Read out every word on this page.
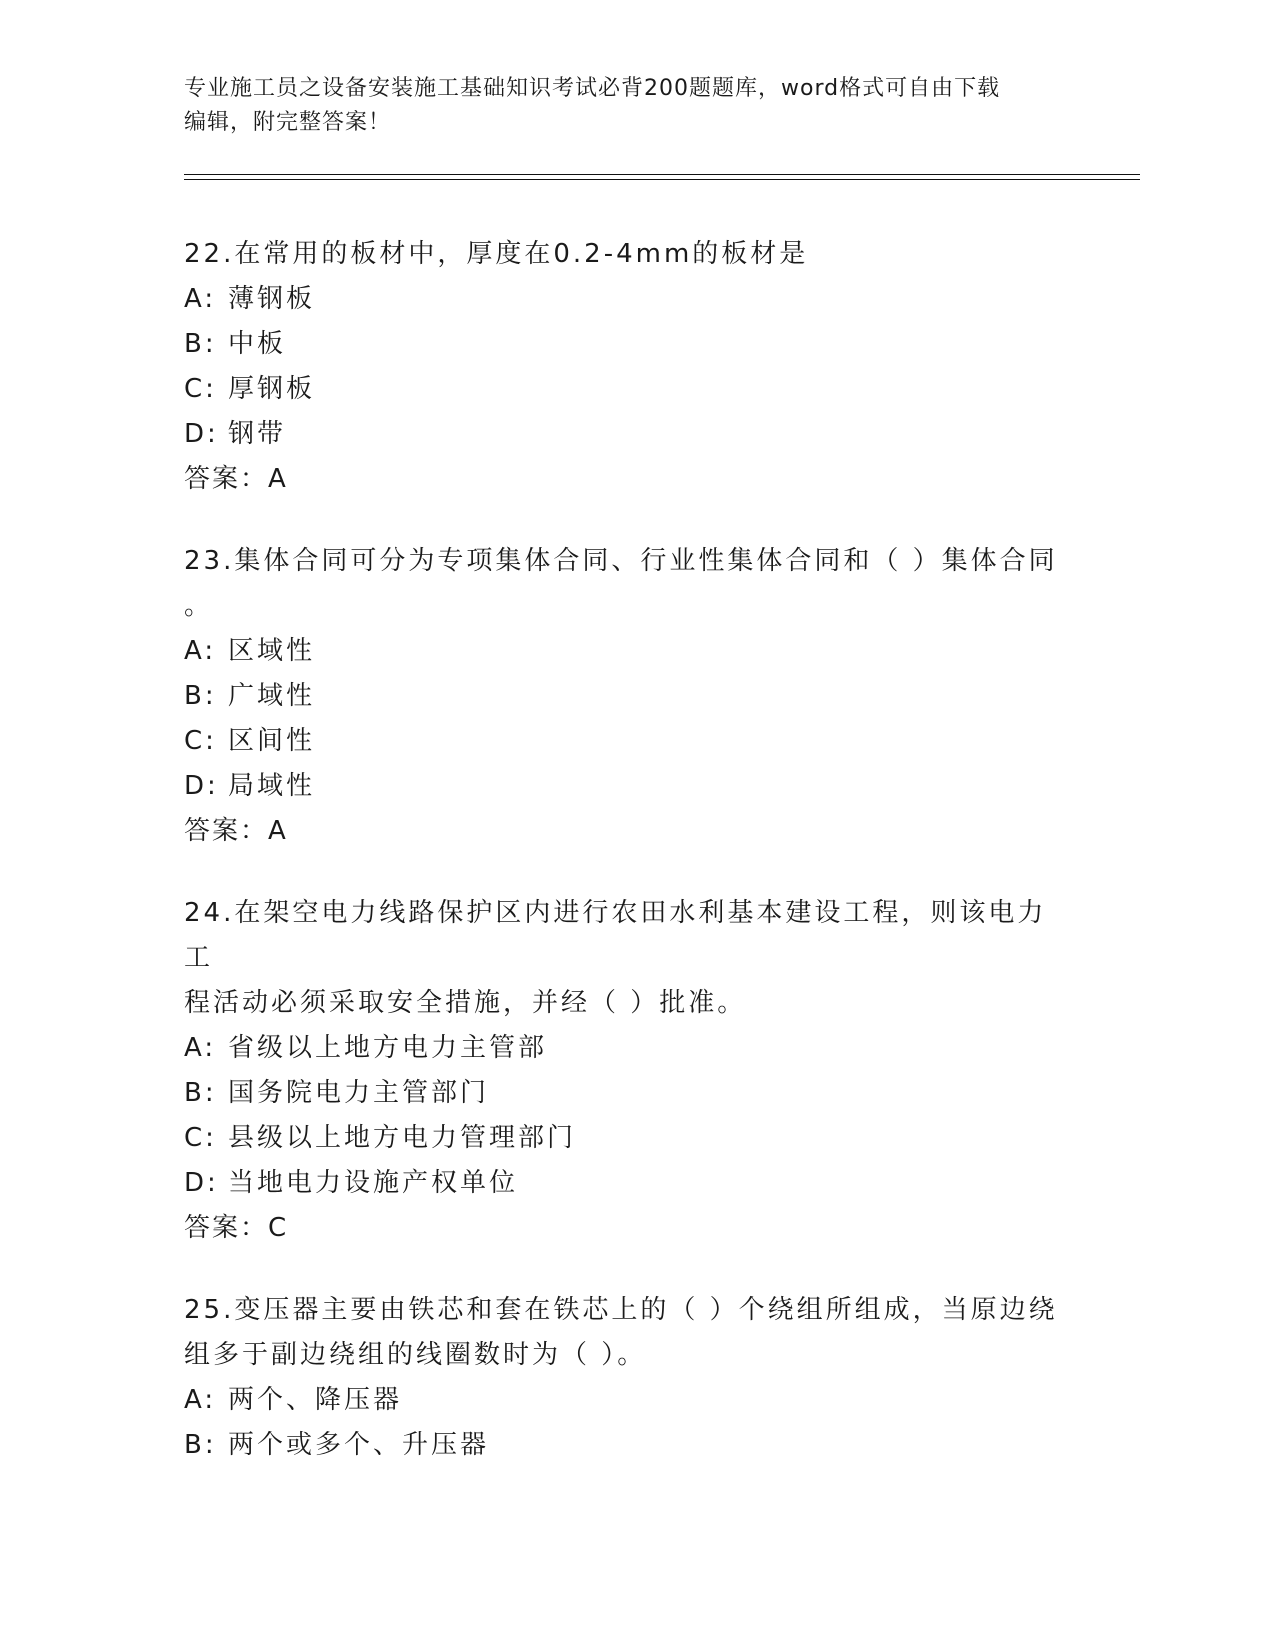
专业施工员之设备安装施工基础知识考试必背200题题库，word格式可自由下载

编辑，附完整答案！

22.在常用的板材中，厚度在0.2-4mm的板材是

A: 薄钢板

B: 中板

C: 厚钢板

D: 钢带

答案：A

23.集体合同可分为专项集体合同、行业性集体合同和（ ）集体合同

。

A: 区域性

B: 广域性

C: 区间性

D: 局域性

答案：A

24.在架空电力线路保护区内进行农田水利基本建设工程，则该电力工

程活动必须采取安全措施，并经（ ）批准。

A: 省级以上地方电力主管部

B: 国务院电力主管部门

C: 县级以上地方电力管理部门

D: 当地电力设施产权单位

答案：C

25.变压器主要由铁芯和套在铁芯上的（ ）个绕组所组成，当原边绕

组多于副边绕组的线圈数时为（ ）。

A: 两个、降压器

B: 两个或多个、升压器
